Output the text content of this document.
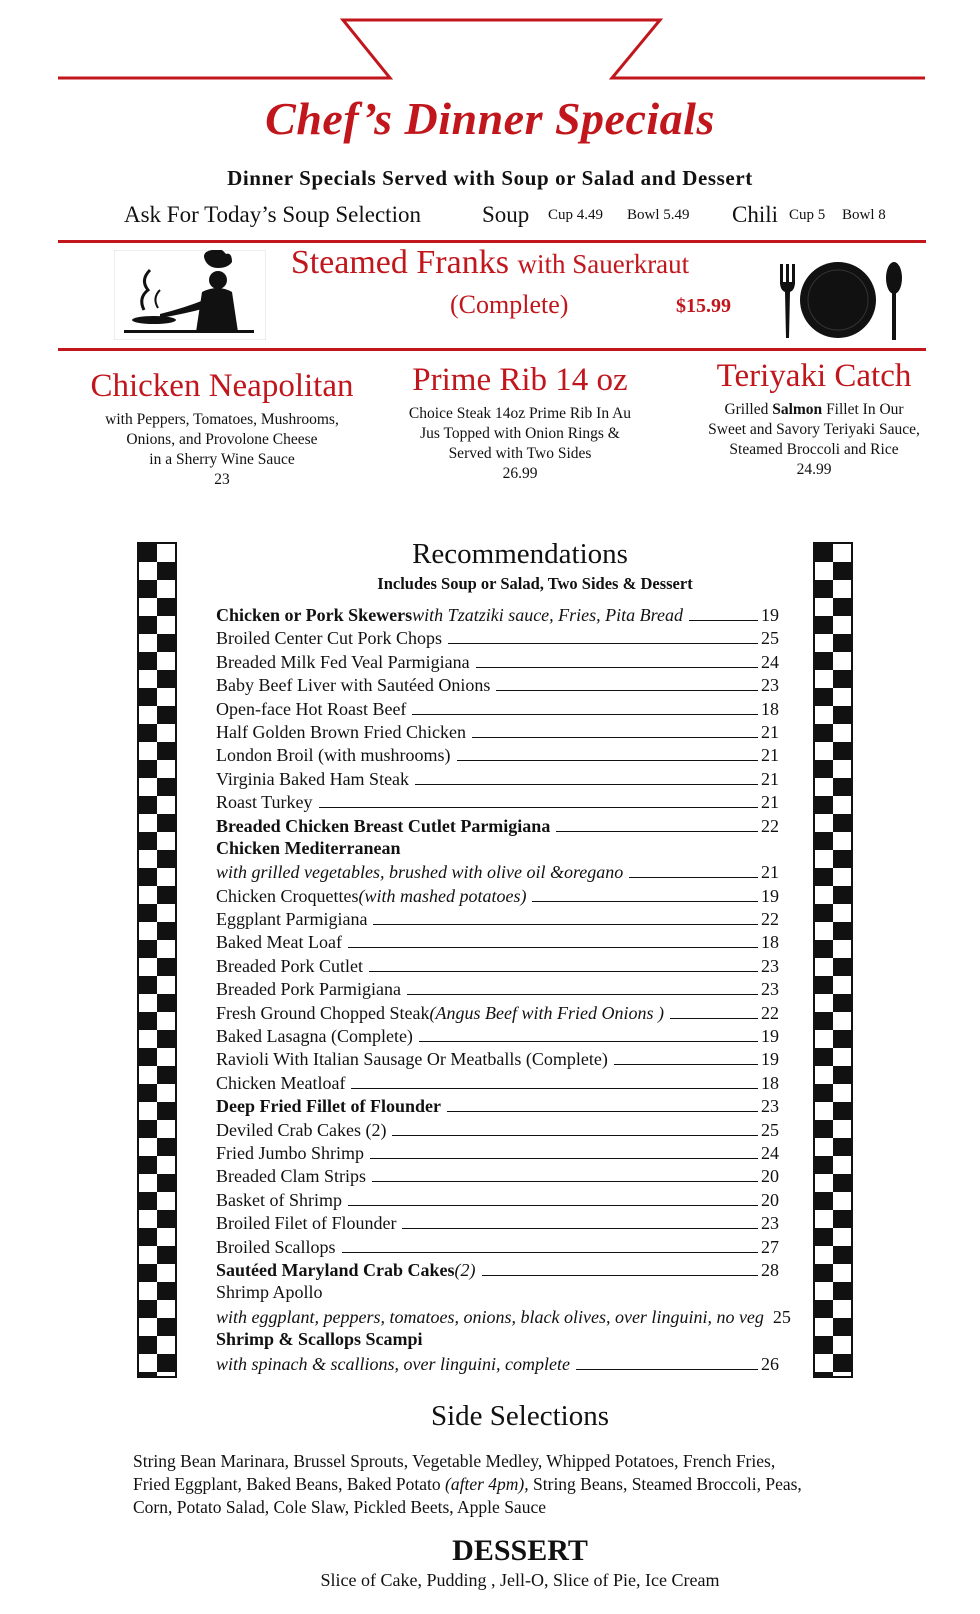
Chef’s Dinner Specials
Dinner Specials Served with Soup or Salad and Dessert
Ask For Today’s Soup Selection	Soup Cup 4.49 Bowl 5.49 Chili Cup 5 Bowl 8
Steamed Franks with Sauerkraut
(Complete)	$15.99
Chicken Neapolitan
with Peppers, Tomatoes, Mushrooms,
Onions, and Provolone Cheese
in a Sherry Wine Sauce
23
Prime Rib 14 oz
Choice Steak 14oz Prime Rib In Au
Jus Topped with Onion Rings &
Served with Two Sides
26.99
Teriyaki Catch
Grilled Salmon Fillet In Our
Sweet and Savory Teriyaki Sauce,
Steamed Broccoli and Rice
24.99
Recommendations
Includes Soup or Salad, Two Sides & Dessert
Chicken or Pork Skewers with Tzatziki sauce, Fries, Pita Bread	19
Broiled Center Cut Pork Chops	25
Breaded Milk Fed Veal Parmigiana	24
Baby Beef Liver with Sautéed Onions	23
Open-face Hot Roast Beef	18
Half Golden Brown Fried Chicken	21
London Broil (with mushrooms)	21
Virginia Baked Ham Steak	21
Roast Turkey	21
Breaded Chicken Breast Cutlet Parmigiana	22
Chicken Mediterranean
with grilled vegetables, brushed with olive oil &oregano	21
Chicken Croquettes (with mashed potatoes)	19
Eggplant Parmigiana	22
Baked Meat Loaf	18
Breaded Pork Cutlet	23
Breaded Pork Parmigiana	23
Fresh Ground Chopped Steak (Angus Beef with Fried Onions )	22
Baked Lasagna (Complete)	19
Ravioli With Italian Sausage Or Meatballs (Complete)	19
Chicken Meatloaf	18
Deep Fried Fillet of Flounder	23
Deviled Crab Cakes (2)	25
Fried Jumbo Shrimp	24
Breaded Clam Strips	20
Basket of Shrimp	20
Broiled Filet of Flounder	23
Broiled Scallops	27
Sautéed Maryland Crab Cakes (2)	28
Shrimp Apollo
with eggplant, peppers, tomatoes, onions, black olives, over linguini, no veg 25
Shrimp & Scallops Scampi
with spinach & scallions, over linguini, complete	26
Side Selections
String Bean Marinara, Brussel Sprouts, Vegetable Medley, Whipped Potatoes, French Fries,
Fried Eggplant, Baked Beans, Baked Potato (after 4pm), String Beans, Steamed Broccoli, Peas,
Corn, Potato Salad, Cole Slaw, Pickled Beets, Apple Sauce
DESSERT
Slice of Cake, Pudding , Jell-O, Slice of Pie, Ice Cream
